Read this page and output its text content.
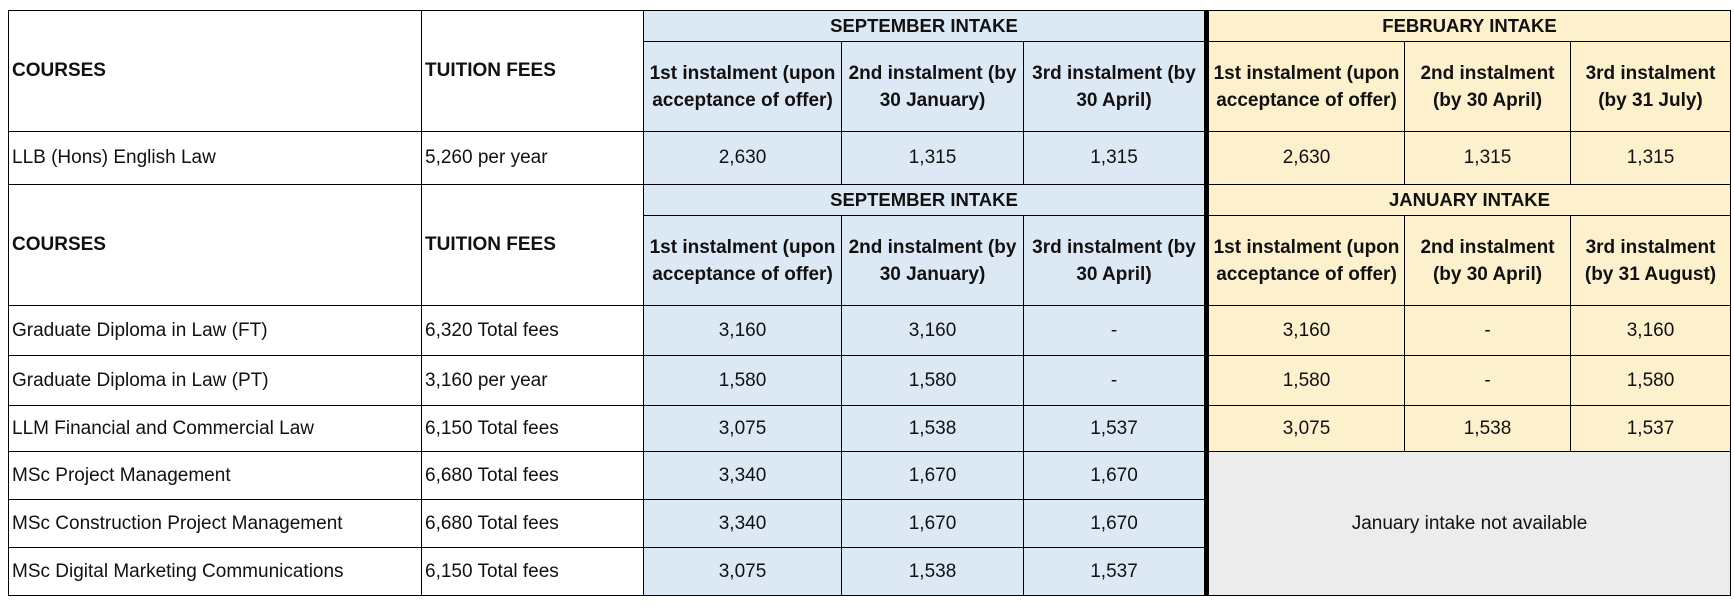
COURSES	TUITION FEES	SEPTEMBER INTAKE			FEBRUARY INTAKE		
		1st instalment (upon acceptance of offer)	2nd instalment (by 30 January)	3rd instalment (by 30 April)	1st instalment (upon acceptance of offer)	2nd instalment (by 30 April)	3rd instalment (by 31 July)
LLB (Hons) English Law	5,260 per year	2,630	1,315	1,315	2,630	1,315	1,315
COURSES	TUITION FEES	SEPTEMBER INTAKE			JANUARY INTAKE		
		1st instalment (upon acceptance of offer)	2nd instalment (by 30 January)	3rd instalment (by 30 April)	1st instalment (upon acceptance of offer)	2nd instalment (by 30 April)	3rd instalment (by 31 August)
Graduate Diploma in Law (FT)	6,320 Total fees	3,160	3,160	-	3,160	-	3,160
Graduate Diploma in Law (PT)	3,160 per year	1,580	1,580	-	1,580	-	1,580
LLM Financial and Commercial Law	6,150 Total fees	3,075	1,538	1,537	3,075	1,538	1,537
MSc Project Management	6,680 Total fees	3,340	1,670	1,670	January intake not available		
MSc Construction Project Management	6,680 Total fees	3,340	1,670	1,670			
MSc Digital Marketing Communications	6,150 Total fees	3,075	1,538	1,537			
